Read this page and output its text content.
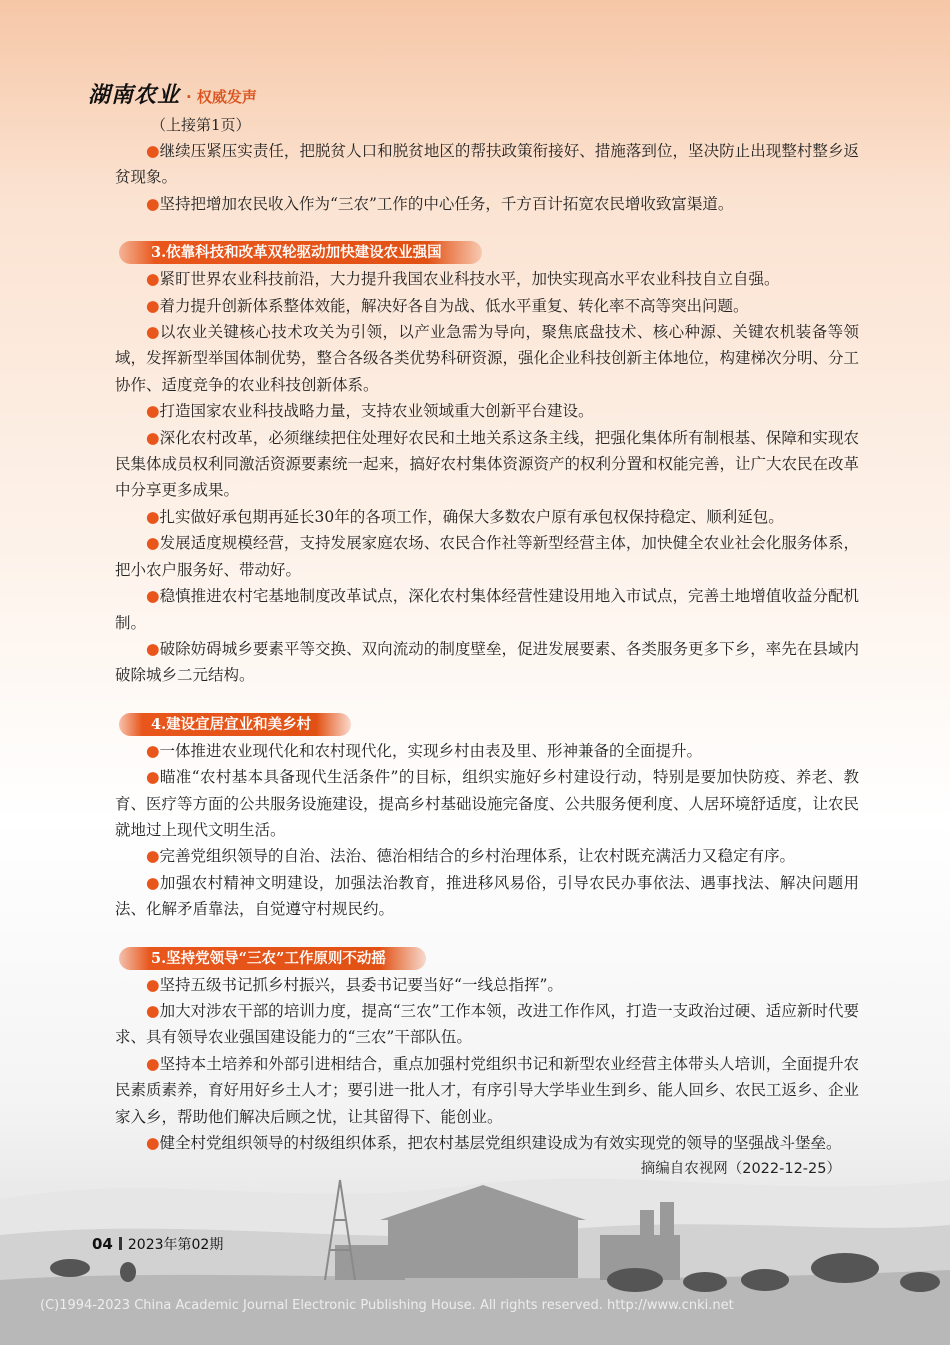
湖南农业 · 权威发声
（上接第1页）

●继续压紧压实责任，把脱贫人口和脱贫地区的帮扶政策衔接好、措施落到位，坚决防止出现整村整乡返贫现象。

●坚持把增加农民收入作为“三农”工作的中心任务，千方百计拓宽农民增收致富渠道。

3.依靠科技和改革双轮驱动加快建设农业强国

●紧盯世界农业科技前沿，大力提升我国农业科技水平，加快实现高水平农业科技自立自强。

●着力提升创新体系整体效能，解决好各自为战、低水平重复、转化率不高等突出问题。

●以农业关键核心技术攻关为引领，以产业急需为导向，聚焦底盘技术、核心种源、关键农机装备等领域，发挥新型举国体制优势，整合各级各类优势科研资源，强化企业科技创新主体地位，构建梯次分明、分工协作、适度竞争的农业科技创新体系。

●打造国家农业科技战略力量，支持农业领域重大创新平台建设。

●深化农村改革，必须继续把住处理好农民和土地关系这条主线，把强化集体所有制根基、保障和实现农民集体成员权利同激活资源要素统一起来，搞好农村集体资源资产的权利分置和权能完善，让广大农民在改革中分享更多成果。

●扎实做好承包期再延长30年的各项工作，确保大多数农户原有承包权保持稳定、顺利延包。

●发展适度规模经营，支持发展家庭农场、农民合作社等新型经营主体，加快健全农业社会化服务体系，把小农户服务好、带动好。

●稳慎推进农村宅基地制度改革试点，深化农村集体经营性建设用地入市试点，完善土地增值收益分配机制。

●破除妨碍城乡要素平等交换、双向流动的制度壁垒，促进发展要素、各类服务更多下乡，率先在县域内破除城乡二元结构。

4.建设宜居宜业和美乡村

●一体推进农业现代化和农村现代化，实现乡村由表及里、形神兼备的全面提升。

●瞄准“农村基本具备现代生活条件”的目标，组织实施好乡村建设行动，特别是要加快防疫、养老、教育、医疗等方面的公共服务设施建设，提高乡村基础设施完备度、公共服务便利度、人居环境舒适度，让农民就地过上现代文明生活。

●完善党组织领导的自治、法治、德治相结合的乡村治理体系，让农村既充满活力又稳定有序。

●加强农村精神文明建设，加强法治教育，推进移风易俗，引导农民办事依法、遇事找法、解决问题用法、化解矛盾靠法，自觉遵守村规民约。

5.坚持党领导“三农”工作原则不动摇

●坚持五级书记抓乡村振兴，县委书记要当好“一线总指挥”。

●加大对涉农干部的培训力度，提高“三农”工作本领，改进工作作风，打造一支政治过硬、适应新时代要求、具有领导农业强国建设能力的“三农”干部队伍。

●坚持本土培养和外部引进相结合，重点加强村党组织书记和新型农业经营主体带头人培训，全面提升农民素质素养，育好用好乡土人才；要引进一批人才，有序引导大学毕业生到乡、能人回乡、农民工返乡、企业家入乡，帮助他们解决后顾之忧，让其留得下、能创业。

●健全村党组织领导的村级组织体系，把农村基层党组织建设成为有效实现党的领导的坚强战斗堡垒。
摘编自农视网（2022-12-25）

04 2023年第02期
(C)1994-2023 China Academic Journal Electronic Publishing House. All rights reserved. http://www.cnki.net
